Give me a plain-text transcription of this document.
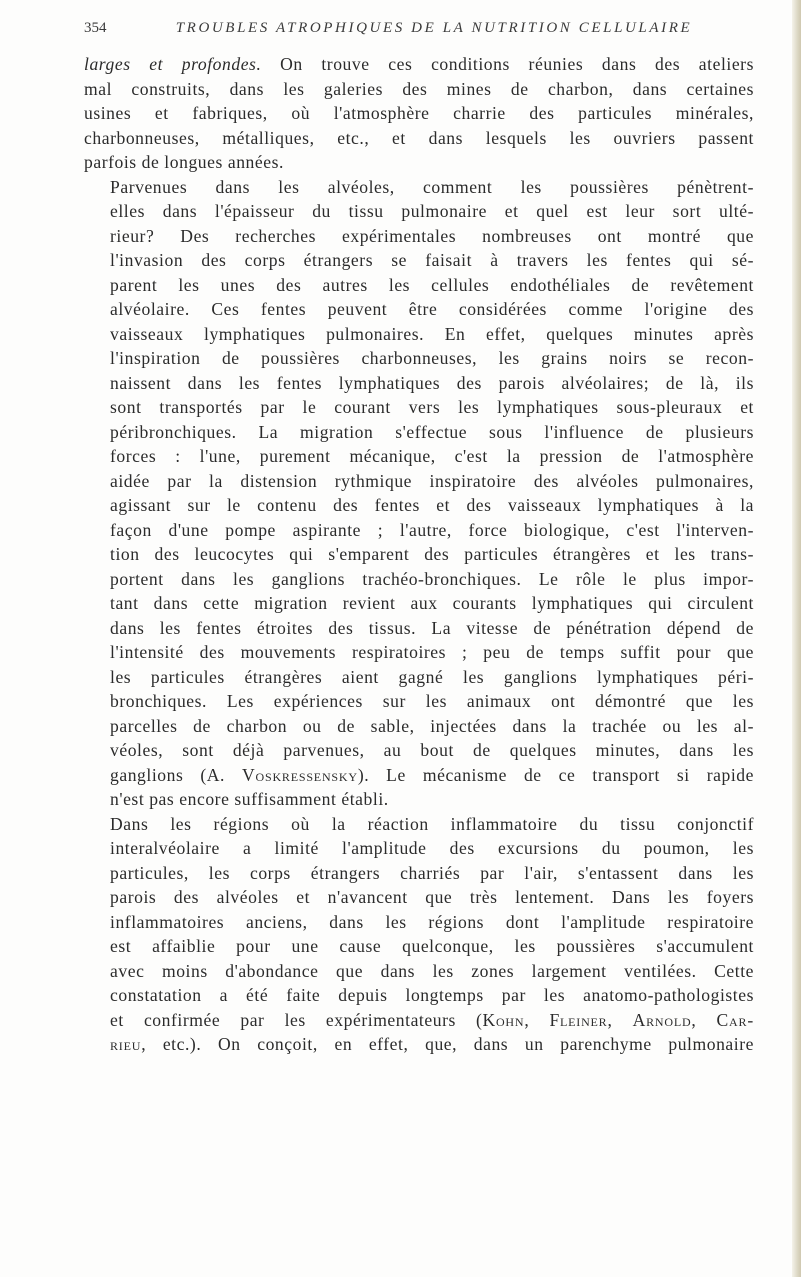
354	TROUBLES ATROPHIQUES DE LA NUTRITION CELLULAIRE

larges et profondes. On trouve ces conditions réunies dans des ateliers
mal construits, dans les galeries des mines de charbon, dans certaines
usines et fabriques, où l'atmosphère charrie des particules minérales,
charbonneuses, métalliques, etc., et dans lesquels les ouvriers passent
parfois de longues années.

Parvenues dans les alvéoles, comment les poussières pénètrent-
elles dans l'épaisseur du tissu pulmonaire et quel est leur sort ulté-
rieur? Des recherches expérimentales nombreuses ont montré que
l'invasion des corps étrangers se faisait à travers les fentes qui sé-
parent les unes des autres les cellules endothéliales de revêtement
alvéolaire. Ces fentes peuvent être considérées comme l'origine des
vaisseaux lymphatiques pulmonaires. En effet, quelques minutes après
l'inspiration de poussières charbonneuses, les grains noirs se recon-
naissent dans les fentes lymphatiques des parois alvéolaires; de là, ils
sont transportés par le courant vers les lymphatiques sous-pleuraux et
péribronchiques. La migration s'effectue sous l'influence de plusieurs
forces : l'une, purement mécanique, c'est la pression de l'atmosphère
aidée par la distension rythmique inspiratoire des alvéoles pulmonaires,
agissant sur le contenu des fentes et des vaisseaux lymphatiques à la
façon d'une pompe aspirante ; l'autre, force biologique, c'est l'interven-
tion des leucocytes qui s'emparent des particules étrangères et les trans-
portent dans les ganglions trachéo-bronchiques. Le rôle le plus impor-
tant dans cette migration revient aux courants lymphatiques qui circulent
dans les fentes étroites des tissus. La vitesse de pénétration dépend de
l'intensité des mouvements respiratoires ; peu de temps suffit pour que
les particules étrangères aient gagné les ganglions lymphatiques péri-
bronchiques. Les expériences sur les animaux ont démontré que les
parcelles de charbon ou de sable, injectées dans la trachée ou les al-
véoles, sont déjà parvenues, au bout de quelques minutes, dans les
ganglions (A. Voskressensky). Le mécanisme de ce transport si rapide
n'est pas encore suffisamment établi.

Dans les régions où la réaction inflammatoire du tissu conjonctif
interalvéolaire a limité l'amplitude des excursions du poumon, les
particules, les corps étrangers charriés par l'air, s'entassent dans les
parois des alvéoles et n'avancent que très lentement. Dans les foyers
inflammatoires anciens, dans les régions dont l'amplitude respiratoire
est affaiblie pour une cause quelconque, les poussières s'accumulent
avec moins d'abondance que dans les zones largement ventilées. Cette
constatation a été faite depuis longtemps par les anatomo-pathologistes
et confirmée par les expérimentateurs (Kohn, Fleiner, Arnold, Car-
rieu, etc.). On conçoit, en effet, que, dans un parenchyme pulmonaire
